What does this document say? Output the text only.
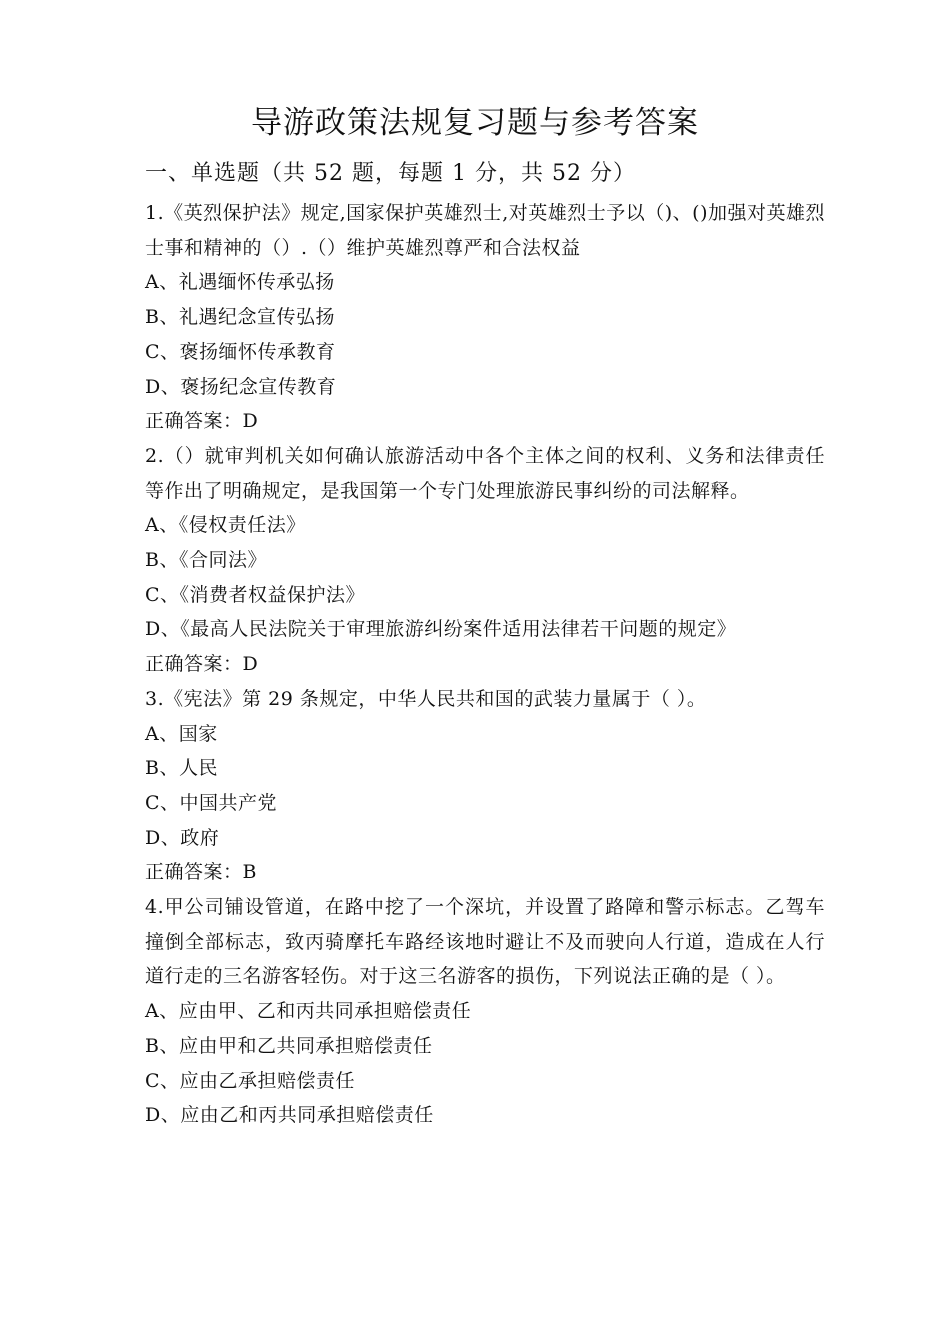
导游政策法规复习题与参考答案
一、单选题（共 52 题，每题 1 分，共 52 分）
1.《英烈保护法》规定,国家保护英雄烈士,对英雄烈士予以（)、()加强对英雄烈士事和精神的（）.（）维护英雄烈尊严和合法权益
A、礼遇缅怀传承弘扬
B、礼遇纪念宣传弘扬
C、褒扬缅怀传承教育
D、褒扬纪念宣传教育
正确答案：D
2.（）就审判机关如何确认旅游活动中各个主体之间的权利、义务和法律责任等作出了明确规定，是我国第一个专门处理旅游民事纠纷的司法解释。
A、《侵权责任法》
B、《合同法》
C、《消费者权益保护法》
D、《最高人民法院关于审理旅游纠纷案件适用法律若干问题的规定》
正确答案：D
3.《宪法》第 29 条规定，中华人民共和国的武装力量属于（ ）。
A、国家
B、人民
C、中国共产党
D、政府
正确答案：B
4.甲公司铺设管道，在路中挖了一个深坑，并设置了路障和警示标志。乙驾车撞倒全部标志，致丙骑摩托车路经该地时避让不及而驶向人行道，造成在人行道行走的三名游客轻伤。对于这三名游客的损伤，下列说法正确的是（ ）。
A、应由甲、乙和丙共同承担赔偿责任
B、应由甲和乙共同承担赔偿责任
C、应由乙承担赔偿责任
D、应由乙和丙共同承担赔偿责任
